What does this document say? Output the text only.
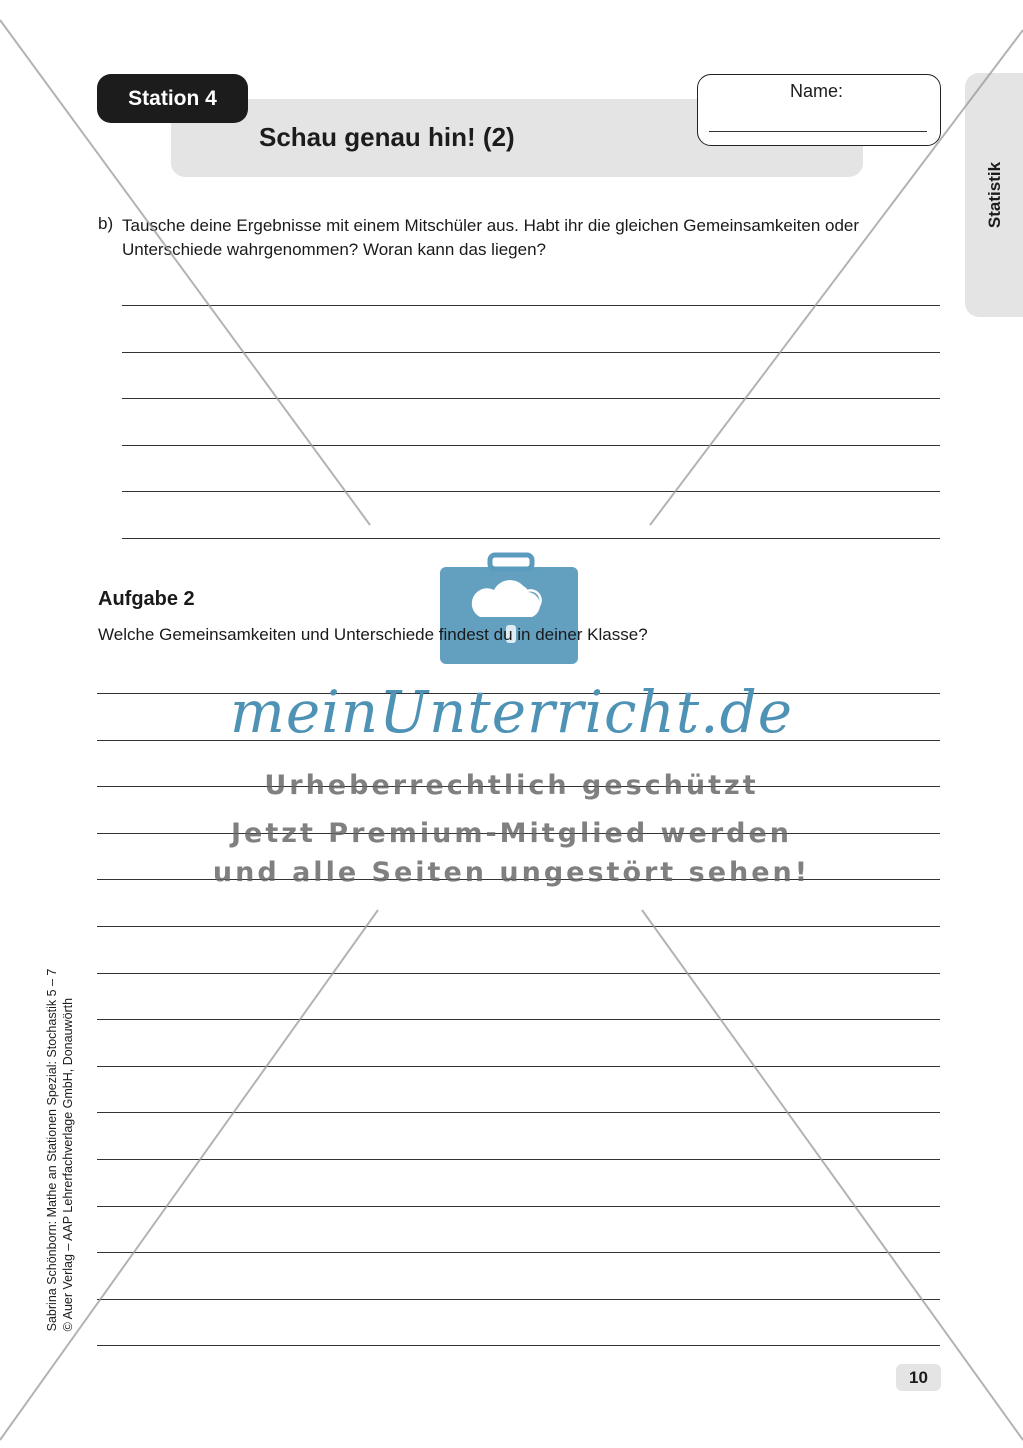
Station 4
Schau genau hin! (2)
Name:
Statistik
b) Tausche deine Ergebnisse mit einem Mitschüler aus. Habt ihr die gleichen Gemeinsamkeiten oder Unterschiede wahrgenommen? Woran kann das liegen?
Aufgabe 2
Welche Gemeinsamkeiten und Unterschiede findest du in deiner Klasse?
meinUnterricht.de
Urheberrechtlich geschützt
Jetzt Premium-Mitglied werden
und alle Seiten ungestört sehen!
Sabrina Schönborn: Mathe an Stationen Spezial: Stochastik 5 – 7 © Auer Verlag – AAP Lehrerfachverlage GmbH, Donauwörth
10
